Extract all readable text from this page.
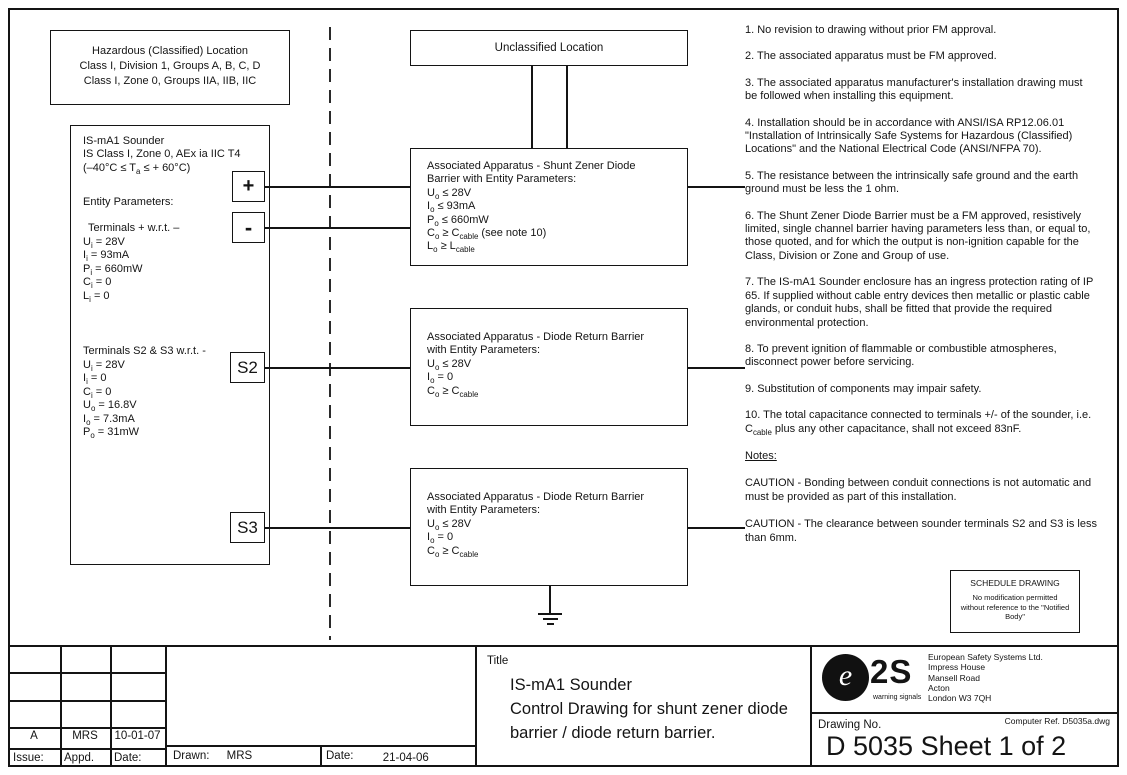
Hazardous (Classified) Location
Class I, Division 1, Groups A, B, C, D
Class I, Zone 0, Groups IIA, IIB, IIC
Unclassified Location
IS-mA1 Sounder
IS Class I, Zone 0, AEx ia IIC T4
($-40^\circ C \le T_a$ ≤ + 60°C)
Entity Parameters:
Terminals + w.r.t. –
$U_i = 28V$
$I_i = 93mA$
$P_i = 660mW$
$C_i = 0$
$L_i = 0$
Terminals S2 & S3 w.r.t. -
$U_i = 28V$
$I_i = 0$
$C_i = 0$
$U_o = 16.8V$
$I_o = 7.3mA$
$P_o = 31mW$
+
-
S2
S3
Associated Apparatus - Shunt Zener Diode
Barrier with Entity Parameters:
$U_o \le 28V$
$I_o \le 93mA$
$P_o \le 660mW$
$C_o \ge C_{cable}$ (see note 10)
$L_o \ge L_{cable}$
Associated Apparatus - Diode Return Barrier
with Entity Parameters:
$U_o \le 28V$
$I_o = 0$
$C_o \ge C_{cable}$
Associated Apparatus - Diode Return Barrier
with Entity Parameters:
$U_o \le 28V$
$I_o = 0$
$C_o \ge C_{cable}$

1. No revision to drawing without prior FM approval.

2. The associated apparatus must be FM approved.

3. The associated apparatus manufacturer's installation drawing must be followed when installing this equipment.

4. Installation should be in accordance with ANSI/ISA RP12.06.01 "Installation of Intrinsically Safe Systems for Hazardous (Classified) Locations" and the National Electrical Code (ANSI/NFPA 70).

5. The resistance between the intrinsically safe ground and the earth ground must be less the 1 ohm.

6. The Shunt Zener Diode Barrier must be a FM approved, resistively limited, single channel barrier having parameters less than, or equal to, those quoted, and for which the output is non-ignition capable for the Class, Division or Zone and Group of use.

7. The IS-mA1 Sounder enclosure has an ingress protection rating of IP 65. If supplied without cable entry devices then metallic or plastic cable glands, or conduit hubs, shall be fitted that provide the required environmental protection.

8. To prevent ignition of flammable or combustible atmospheres, disconnect power before servicing.

9. Substitution of components may impair safety.

10. The total capacitance connected to terminals +/- of the sounder, i.e. $C_{cable}$ plus any other capacitance, shall not exceed 83nF.

Notes:

CAUTION - Bonding between conduit connections is not automatic and must be provided as part of this installation.

CAUTION - The clearance between sounder terminals S2 and S3 is less than 6mm.

SCHEDULE DRAWING
No modification permitted without reference to the "Notified Body"
A	MRS	10-01-07
Issue: Appd. Date:	Drawn: MRS	Date:	21-04-06
Title
IS-mA1 Sounder
Control Drawing for shunt zener diode
barrier / diode return barrier.
e 2S
warning signals
European Safety Systems Ltd.
Impress House
Mansell Road
Acton
London W3 7QH
Computer Ref. D5035a.dwg
Drawing No.
D 5035 Sheet 1 of 2
